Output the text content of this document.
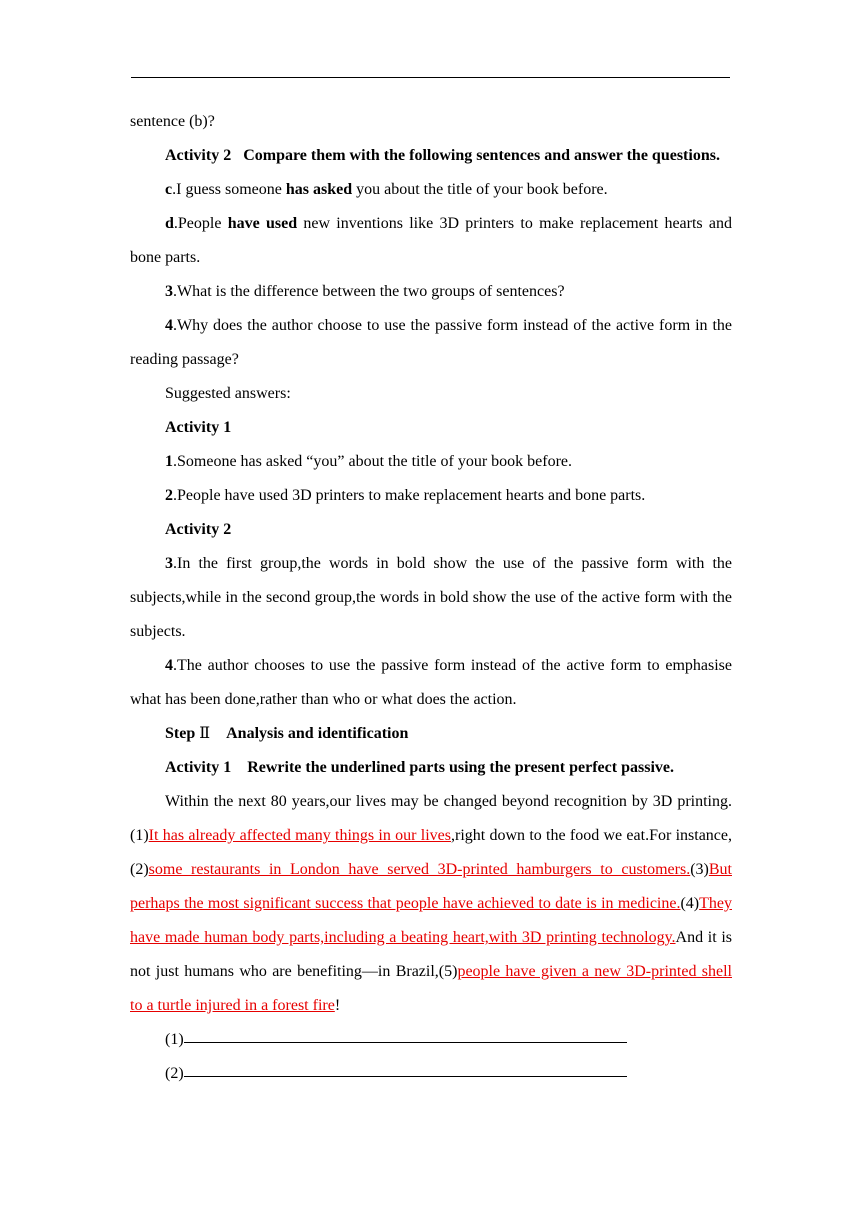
sentence (b)?

Activity 2 Compare them with the following sentences and answer the questions.

c.I guess someone has asked you about the title of your book before.

d.People have used new inventions like 3D printers to make replacement hearts and bone parts.

3.What is the difference between the two groups of sentences?

4.Why does the author choose to use the passive form instead of the active form in the reading passage?

Suggested answers:

Activity 1

1.Someone has asked “you” about the title of your book before.

2.People have used 3D printers to make replacement hearts and bone parts.

Activity 2

3.In the first group,the words in bold show the use of the passive form with the subjects,while in the second group,the words in bold show the use of the active form with the subjects.

4.The author chooses to use the passive form instead of the active form to emphasise what has been done,rather than who or what does the action.

Step Ⅱ Analysis and identification

Activity 1 Rewrite the underlined parts using the present perfect passive.

Within the next 80 years,our lives may be changed beyond recognition by 3D printing.(1)It has already affected many things in our lives,right down to the food we eat.For instance,(2)some restaurants in London have served 3D-printed hamburgers to customers.(3)But perhaps the most significant success that people have achieved to date is in medicine.(4)They have made human body parts,including a beating heart,with 3D printing technology.And it is not just humans who are benefiting—in Brazil,(5)people have given a new 3D-printed shell to a turtle injured in a forest fire!

(1)

(2)
